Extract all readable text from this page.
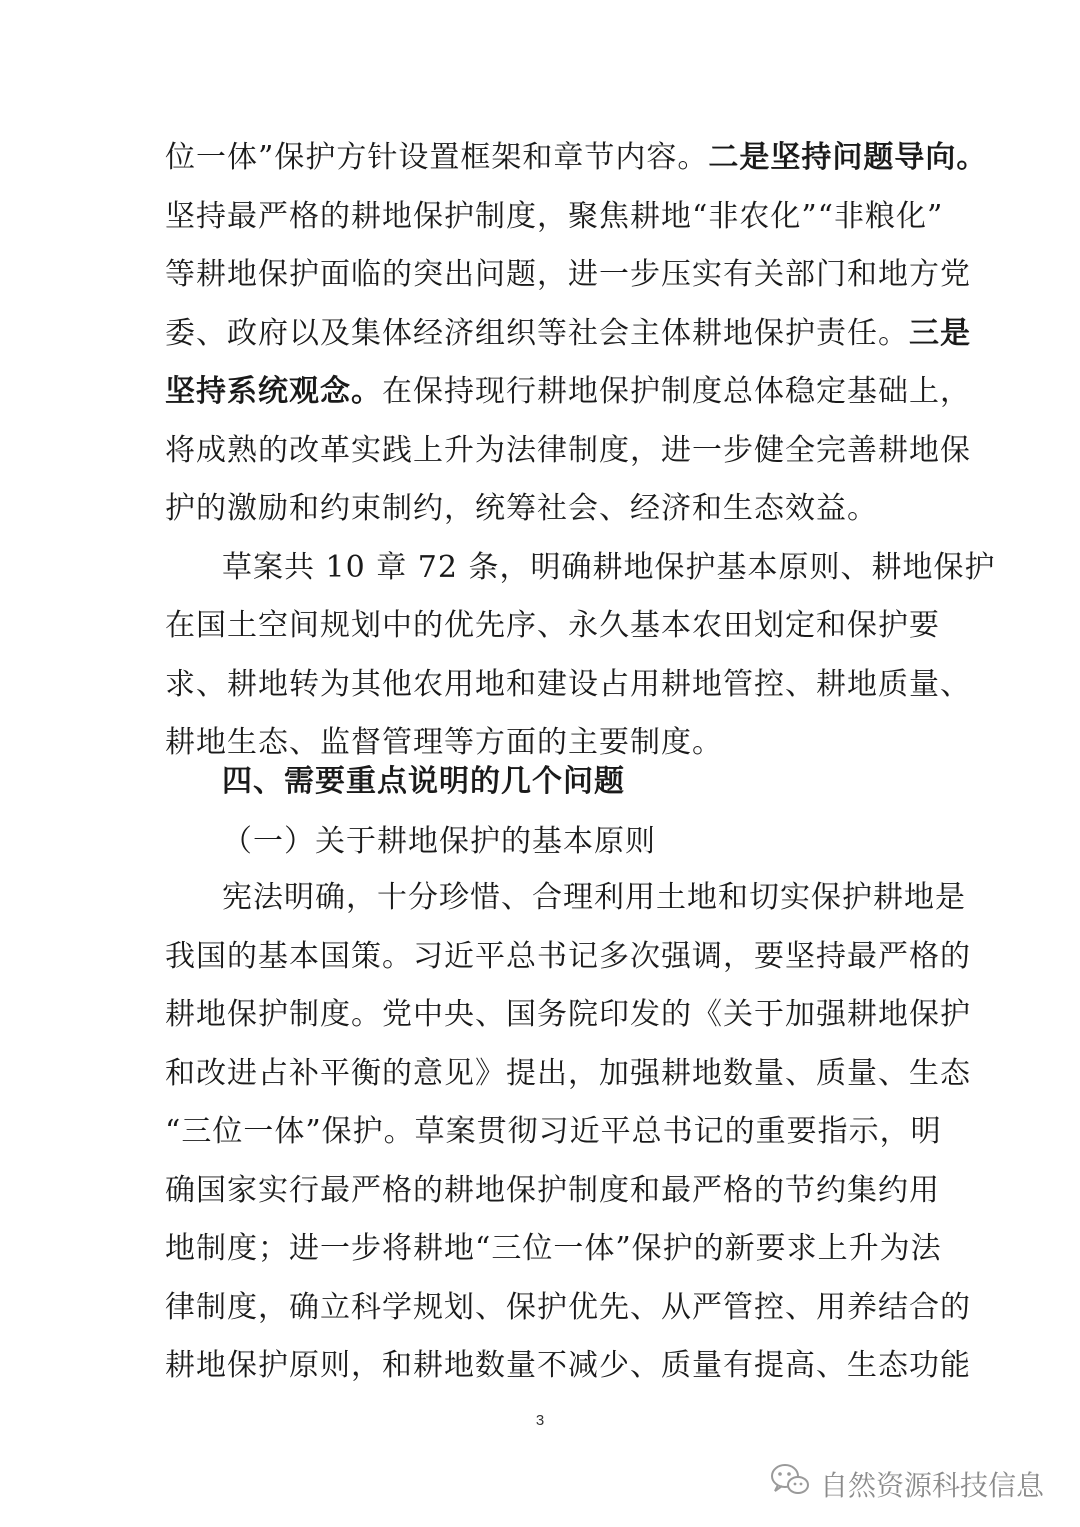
位一体”保护方针设置框架和章节内容。二是坚持问题导向。
坚持最严格的耕地保护制度，聚焦耕地“非农化”“非粮化”
等耕地保护面临的突出问题，进一步压实有关部门和地方党
委、政府以及集体经济组织等社会主体耕地保护责任。三是
坚持系统观念。在保持现行耕地保护制度总体稳定基础上，
将成熟的改革实践上升为法律制度，进一步健全完善耕地保
护的激励和约束制约，统筹社会、经济和生态效益。
草案共 10 章 72 条，明确耕地保护基本原则、耕地保护
在国土空间规划中的优先序、永久基本农田划定和保护要
求、耕地转为其他农用地和建设占用耕地管控、耕地质量、
耕地生态、监督管理等方面的主要制度。
四、需要重点说明的几个问题
（一）关于耕地保护的基本原则
宪法明确，十分珍惜、合理利用土地和切实保护耕地是
我国的基本国策。习近平总书记多次强调，要坚持最严格的
耕地保护制度。党中央、国务院印发的《关于加强耕地保护
和改进占补平衡的意见》提出，加强耕地数量、质量、生态
“三位一体”保护。草案贯彻习近平总书记的重要指示，明
确国家实行最严格的耕地保护制度和最严格的节约集约用
地制度；进一步将耕地“三位一体”保护的新要求上升为法
律制度，确立科学规划、保护优先、从严管控、用养结合的
耕地保护原则，和耕地数量不减少、质量有提高、生态功能
3
自然资源科技信息
